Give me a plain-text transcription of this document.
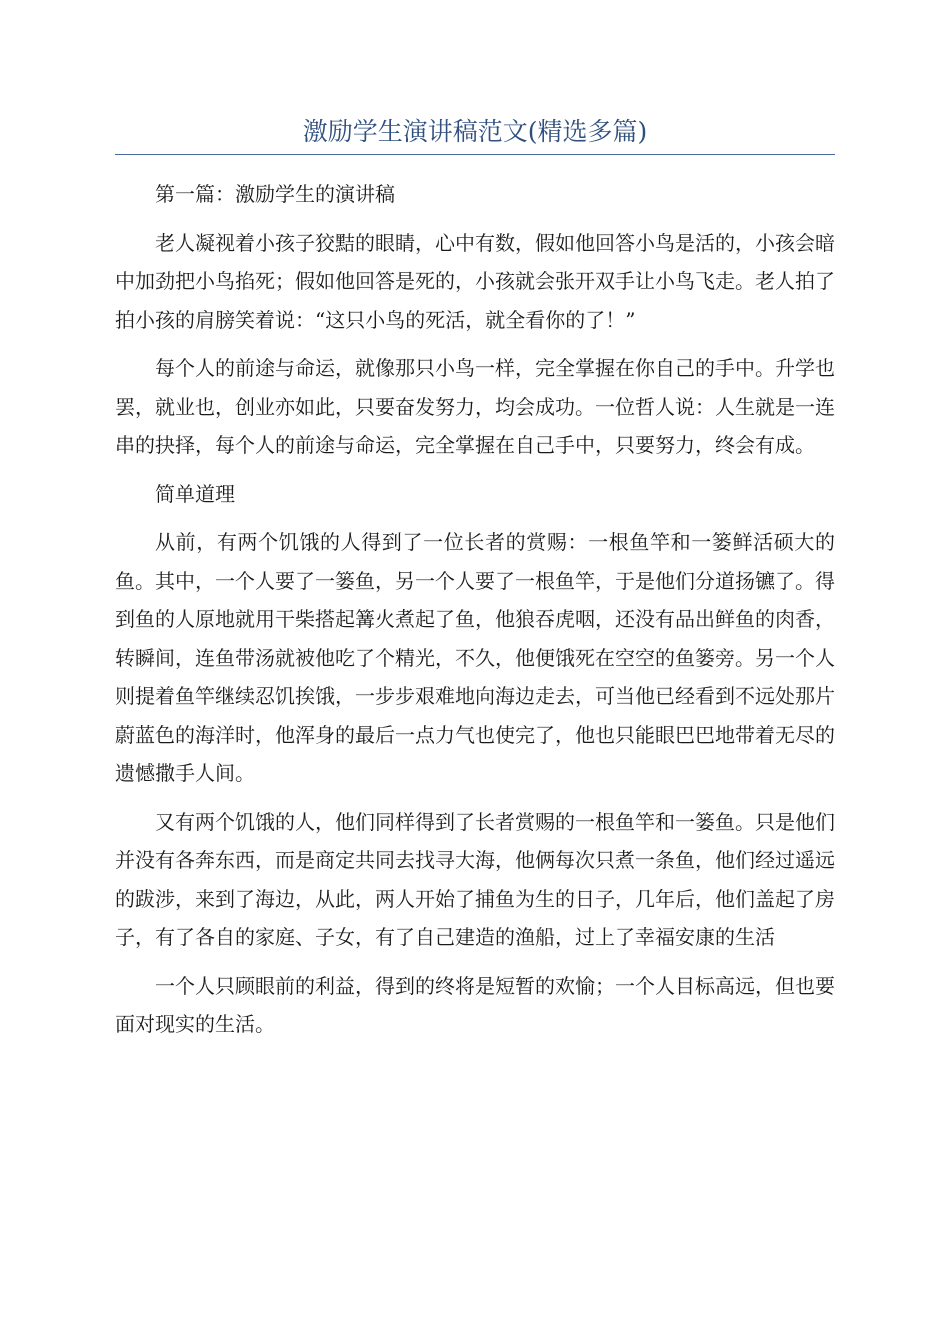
激励学生演讲稿范文(精选多篇)

第一篇：激励学生的演讲稿

老人凝视着小孩子狡黠的眼睛，心中有数，假如他回答小鸟是活的，小孩会暗中加劲把小鸟掐死；假如他回答是死的，小孩就会张开双手让小鸟飞走。老人拍了拍小孩的肩膀笑着说：“这只小鸟的死活，就全看你的了！”

每个人的前途与命运，就像那只小鸟一样，完全掌握在你自己的手中。升学也罢，就业也，创业亦如此，只要奋发努力，均会成功。一位哲人说：人生就是一连串的抉择，每个人的前途与命运，完全掌握在自己手中，只要努力，终会有成。

简单道理

从前，有两个饥饿的人得到了一位长者的赏赐：一根鱼竿和一篓鲜活硕大的鱼。其中，一个人要了一篓鱼，另一个人要了一根鱼竿，于是他们分道扬镳了。得到鱼的人原地就用干柴搭起篝火煮起了鱼，他狼吞虎咽，还没有品出鲜鱼的肉香，转瞬间，连鱼带汤就被他吃了个精光，不久，他便饿死在空空的鱼篓旁。另一个人则提着鱼竿继续忍饥挨饿，一步步艰难地向海边走去，可当他已经看到不远处那片蔚蓝色的海洋时，他浑身的最后一点力气也使完了，他也只能眼巴巴地带着无尽的遗憾撒手人间。

又有两个饥饿的人，他们同样得到了长者赏赐的一根鱼竿和一篓鱼。只是他们并没有各奔东西，而是商定共同去找寻大海，他俩每次只煮一条鱼，他们经过遥远的跋涉，来到了海边，从此，两人开始了捕鱼为生的日子，几年后，他们盖起了房子，有了各自的家庭、子女，有了自己建造的渔船，过上了幸福安康的生活

一个人只顾眼前的利益，得到的终将是短暂的欢愉；一个人目标高远，但也要面对现实的生活。
